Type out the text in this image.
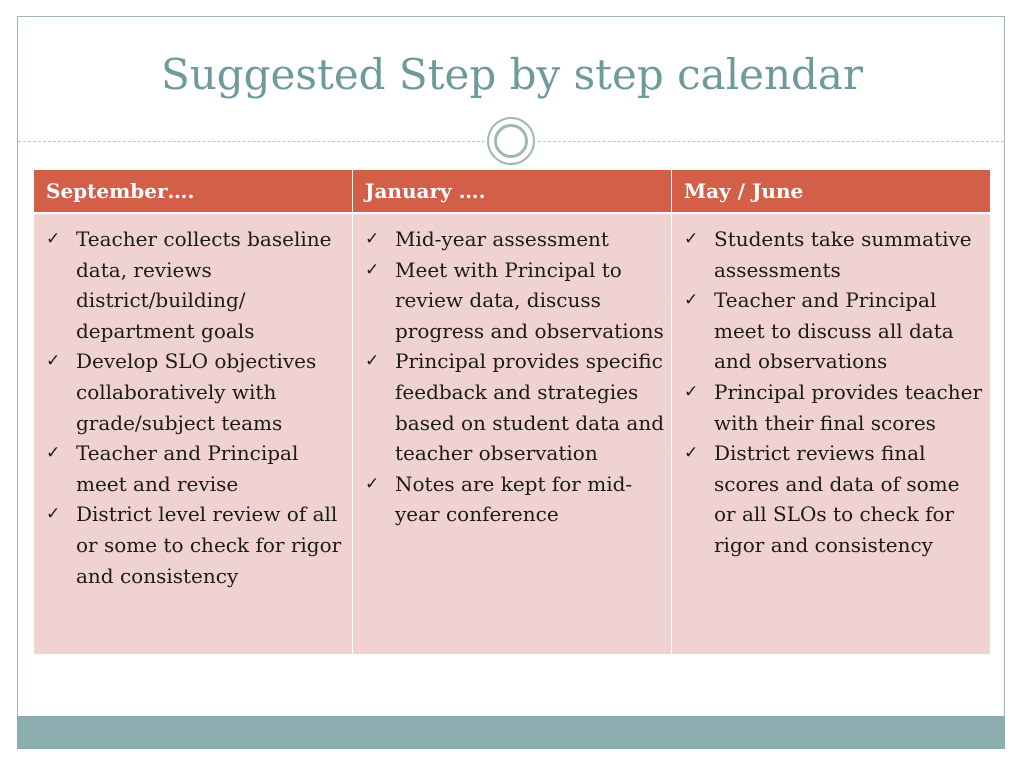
Suggested Step by step calendar
September….	January ….	May / June
✓ Teacher collects baseline data, reviews district/building/ department goals
✓ Develop SLO objectives collaboratively with grade/subject teams
✓ Teacher and Principal meet and revise
✓ District level review of all or some to check for rigor and consistency
✓ Mid-year assessment
✓ Meet with Principal to review data, discuss progress and observations
✓ Principal provides specific feedback and strategies based on student data and teacher observation
✓ Notes are kept for mid-year conference
✓ Students take summative assessments
✓ Teacher and Principal meet to discuss all data and observations
✓ Principal provides teacher with their final scores
✓ District reviews final scores and data of some or all SLOs to check for rigor and consistency
